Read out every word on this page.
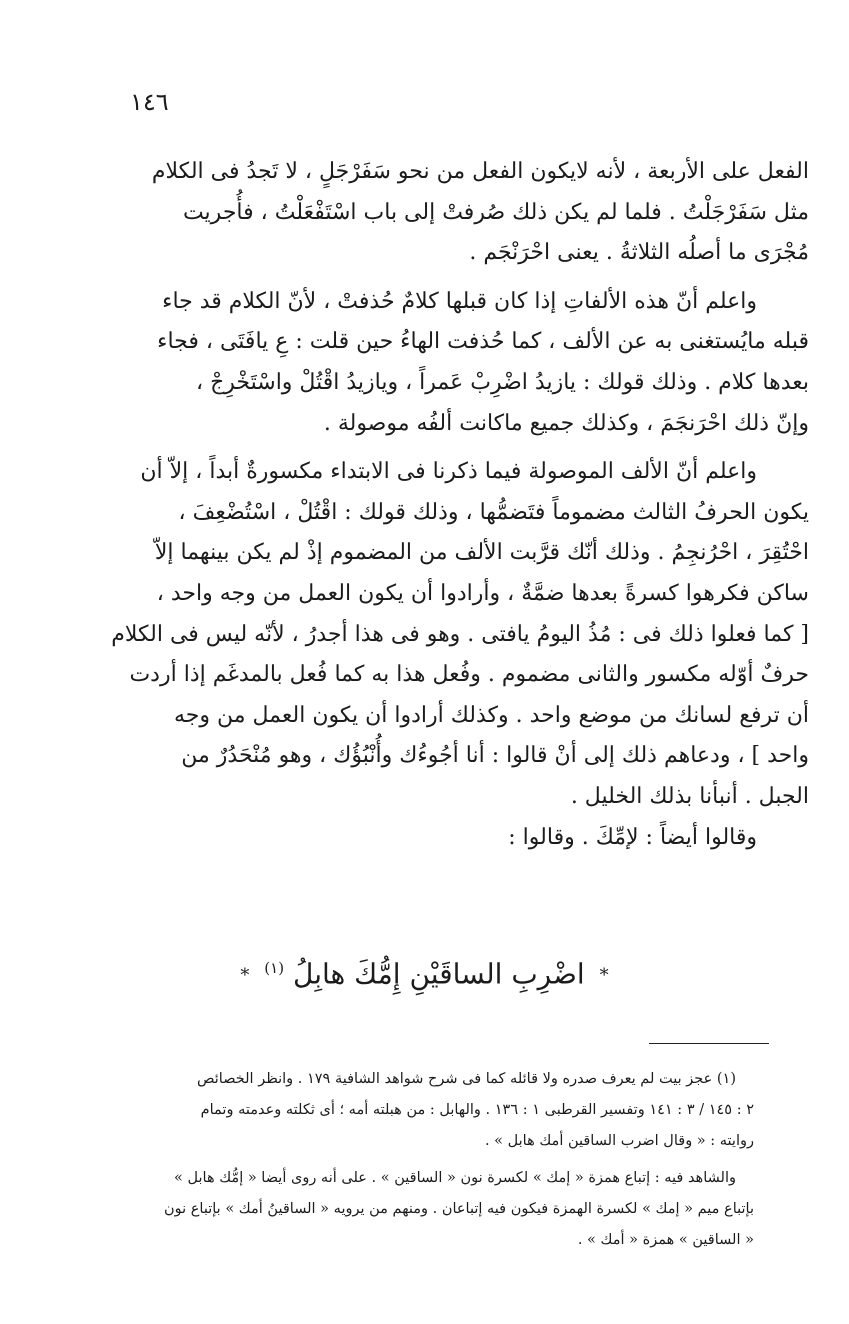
١٤٦

الفعل على الأربعة ، لأنه لايكون الفعل من نحو سَفَرْجَلٍ ، لا تَجدُ فى الكلام

مثل سَفَرْجَلْتُ . فلما لم يكن ذلك صُرفتْ إلى باب اسْتَفْعَلْتُ ، فأُجريت

مُجْرَى ما أصلُه الثلاثةُ . يعنى احْرَنْجَم .

واعلم أنّ هذه الألفاتِ إذا كان قبلها كلامٌ حُذفتْ ، لأنّ الكلام قد جاء

قبله مايُستغنى به عن الألف ، كما حُذفت الهاءُ حين قلت : عِ يافَتَى ، فجاء

بعدها كلام . وذلك قولك : يازيدُ اضْرِبْ عَمراً ، ويازيدُ اقْتُلْ واسْتَخْرِجْ ،

وإنّ ذلك احْرَنجَمَ ، وكذلك جميع ماكانت ألفُه موصولة .

واعلم أنّ الألف الموصولة فيما ذكرنا فى الابتداء مكسورةٌ أبداً ، إلاّ أن

يكون الحرفُ الثالث مضموماً فتَضمُّها ، وذلك قولك : اقْتُلْ ، اسْتُضْعِفَ ،

احْتُقِرَ ، احْرُنجِمُ . وذلك أنّك قرَّبت الألف من المضموم إذْ لم يكن بينهما إلاّ

ساكن فكرهوا كسرةً بعدها ضمَّةٌ ، وأرادوا أن يكون العمل من وجه واحد ،

[ كما فعلوا ذلك فى : مُذُ اليومُ يافتى . وهو فى هذا أجدرُ ، لأنّه ليس فى الكلام

حرفٌ أوّله مكسور والثانى مضموم . وفُعل هذا به كما فُعل بالمدغَم إذا أردت

أن ترفع لسانك من موضع واحد . وكذلك أرادوا أن يكون العمل من وجه

واحد ] ، ودعاهم ذلك إلى أنْ قالوا : أنا أجُوءُك وأُنْبُؤُك ، وهو مُنْحَدُرٌ من

الجبل . أنبأنا بذلك الخليل .

وقالوا أيضاً : لإمِّكَ . وقالوا :

* اضْرِبِ الساقَيْنِ إِمُّكَ هابِلُ $^{(١)}$ *

(١) عجز بيت لم يعرف صدره ولا قائله كما فى شرح شواهد الشافية ١٧٩ . وانظر الخصائص

٢ : ١٤٥ / ٣ : ١٤١ وتفسير القرطبى ١ : ١٣٦ . والهابل : من هبلته أمه ؛ أى ثكلته وعدمته وتمام

روايته : « وقال اضرب الساقين أمك هابل » .

والشاهد فيه : إتباع همزة « إمك » لكسرة نون « الساقين » . على أنه روى أيضا « إمُّك هابل »

بإتباع ميم « إمك » لكسرة الهمزة فيكون فيه إتباعان . ومنهم من يرويه « الساقينُ أمك » بإتباع نون

« الساقين » همزة « أمك » .
